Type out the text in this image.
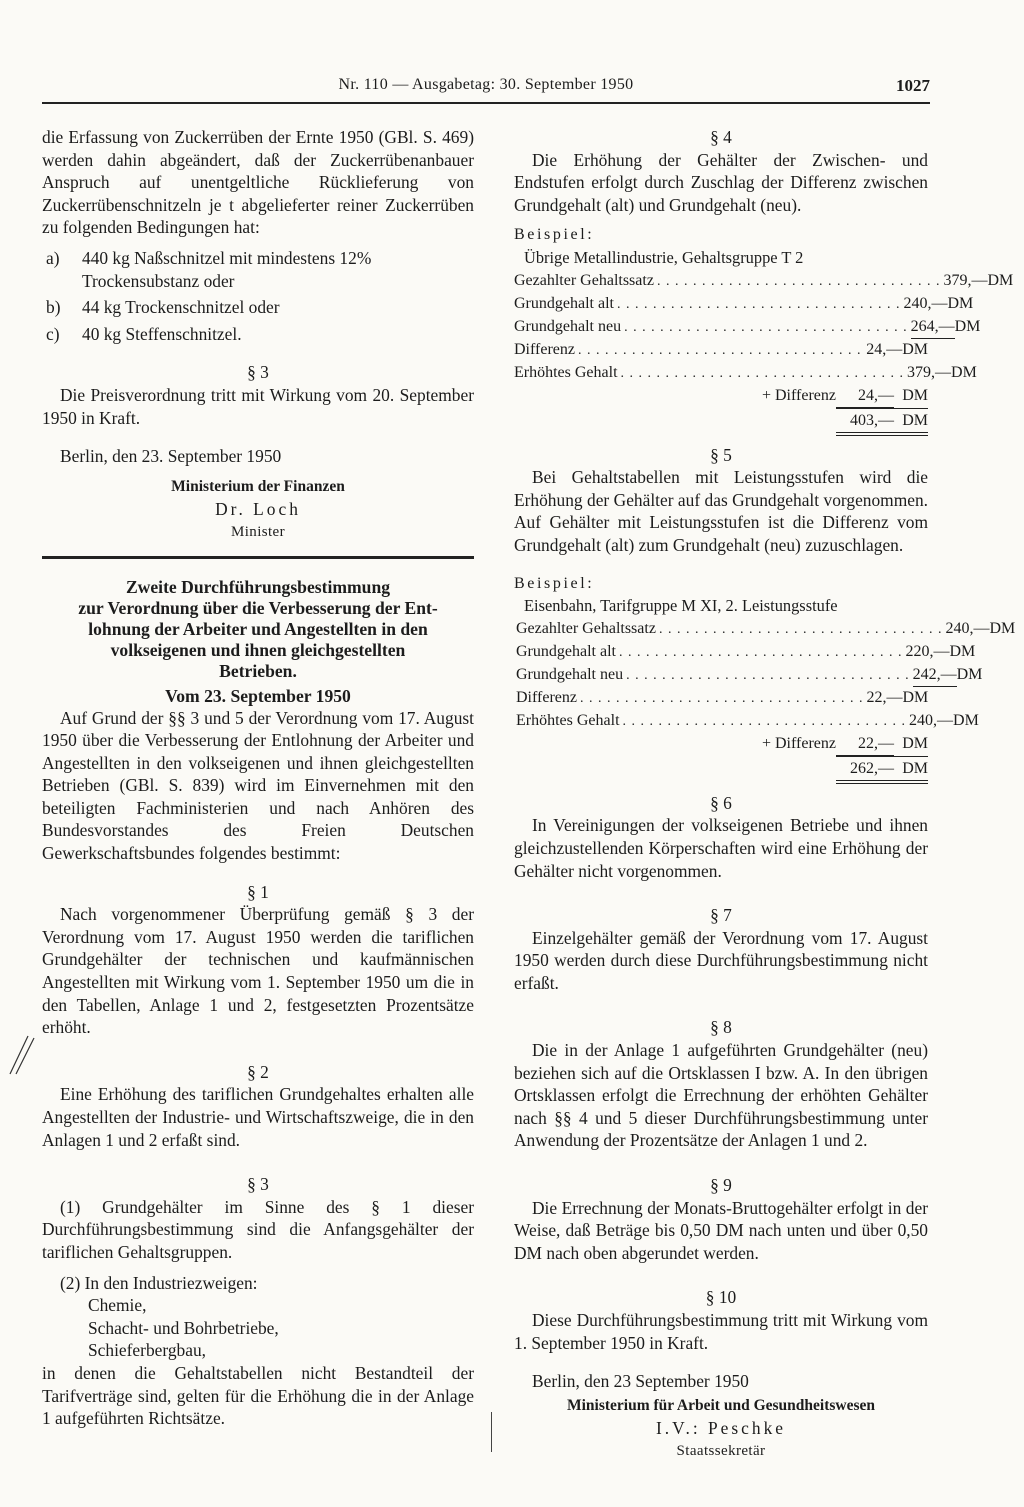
Nr. 110 — Ausgabetag: 30. September 1950	1027

die Erfassung von Zuckerrüben der Ernte 1950 (GBl. S. 469) werden dahin abgeändert, daß der Zuckerrübenanbauer Anspruch auf unentgeltliche Rücklieferung von Zuckerrübenschnitzeln je t abgelieferter reiner Zuckerrüben zu folgenden Bedingungen hat:

a)	440 kg Naßschnitzel mit mindestens 12%
Trockensubstanz oder
b)	44 kg Trockenschnitzel oder
c)	40 kg Steffenschnitzel.

§ 3

Die Preisverordnung tritt mit Wirkung vom 20. September 1950 in Kraft.

Berlin, den 23. September 1950

Ministerium der Finanzen

Dr. Loch

Minister

Zweite Durchführungsbestimmung
zur Verordnung über die Verbesserung der Ent-
lohnung der Arbeiter und Angestellten in den
volkseigenen und ihnen gleichgestellten
Betrieben.

Vom 23. September 1950

Auf Grund der §§ 3 und 5 der Verordnung vom 17. August 1950 über die Verbesserung der Entlohnung der Arbeiter und Angestellten in den volkseigenen und ihnen gleichgestellten Betrieben (GBl. S. 839) wird im Einvernehmen mit den beteiligten Fachministerien und nach Anhören des Bundesvorstandes des Freien Deutschen Gewerkschaftsbundes folgendes bestimmt:

§ 1

Nach vorgenommener Überprüfung gemäß § 3 der Verordnung vom 17. August 1950 werden die tariflichen Grundgehälter der technischen und kaufmännischen Angestellten mit Wirkung vom 1. September 1950 um die in den Tabellen, Anlage 1 und 2, festgesetzten Prozentsätze erhöht.

§ 2

Eine Erhöhung des tariflichen Grundgehaltes erhalten alle Angestellten der Industrie- und Wirtschaftszweige, die in den Anlagen 1 und 2 erfaßt sind.

§ 3

(1) Grundgehälter im Sinne des § 1 dieser Durchführungsbestimmung sind die Anfangsgehälter der tariflichen Gehaltsgruppen.

(2) In den Industriezweigen:

Chemie,
Schacht- und Bohrbetriebe,
Schieferbergbau,

in denen die Gehaltstabellen nicht Bestandteil der Tarifverträge sind, gelten für die Erhöhung die in der Anlage 1 aufgeführten Richtsätze.

§ 4

Die Erhöhung der Gehälter der Zwischen- und Endstufen erfolgt durch Zuschlag der Differenz zwischen Grundgehalt (alt) und Grundgehalt (neu).

Beispiel:
Übrige Metallindustrie, Gehaltsgruppe T 2
Gezahlter Gehaltssatz . . . . . . . . . . . . . . . . . . . . . . . . . . . . . . . . 379,— DM
Grundgehalt alt . . . . . . . . . . . . . . . . . . . . . . . . . . . . . . . . 240,— DM
Grundgehalt neu . . . . . . . . . . . . . . . . . . . . . . . . . . . . . . . . 264,— DM
Differenz . . . . . . . . . . . . . . . . . . . . . . . . . . . . . . . . 24,— DM
Erhöhtes Gehalt . . . . . . . . . . . . . . . . . . . . . . . . . . . . . . . . 379,— DM
+ Differenz	24,— DM
403,— DM

§ 5

Bei Gehaltstabellen mit Leistungsstufen wird die Erhöhung der Gehälter auf das Grundgehalt vorgenommen. Auf Gehälter mit Leistungsstufen ist die Differenz vom Grundgehalt (alt) zum Grundgehalt (neu) zuzuschlagen.

Beispiel:
Eisenbahn, Tarifgruppe M XI, 2. Leistungsstufe
Gezahlter Gehaltssatz . . . . . . . . . . . . . . . . . . . . . . . . . . . . . . . . 240,— DM
Grundgehalt alt . . . . . . . . . . . . . . . . . . . . . . . . . . . . . . . . 220,— DM
Grundgehalt neu . . . . . . . . . . . . . . . . . . . . . . . . . . . . . . . . 242,— DM
Differenz . . . . . . . . . . . . . . . . . . . . . . . . . . . . . . . . 22,— DM
Erhöhtes Gehalt . . . . . . . . . . . . . . . . . . . . . . . . . . . . . . . . 240,— DM
+ Differenz	22,— DM
262,— DM

§ 6

In Vereinigungen der volkseigenen Betriebe und ihnen gleichzustellenden Körperschaften wird eine Erhöhung der Gehälter nicht vorgenommen.

§ 7

Einzelgehälter gemäß der Verordnung vom 17. August 1950 werden durch diese Durchführungsbestimmung nicht erfaßt.

§ 8

Die in der Anlage 1 aufgeführten Grundgehälter (neu) beziehen sich auf die Ortsklassen I bzw. A. In den übrigen Ortsklassen erfolgt die Errechnung der erhöhten Gehälter nach §§ 4 und 5 dieser Durchführungsbestimmung unter Anwendung der Prozentsätze der Anlagen 1 und 2.

§ 9

Die Errechnung der Monats-Bruttogehälter erfolgt in der Weise, daß Beträge bis 0,50 DM nach unten und über 0,50 DM nach oben abgerundet werden.

§ 10

Diese Durchführungsbestimmung tritt mit Wirkung vom 1. September 1950 in Kraft.

Berlin, den 23 September 1950

Ministerium für Arbeit und Gesundheitswesen

I.V.: Peschke

Staatssekretär
